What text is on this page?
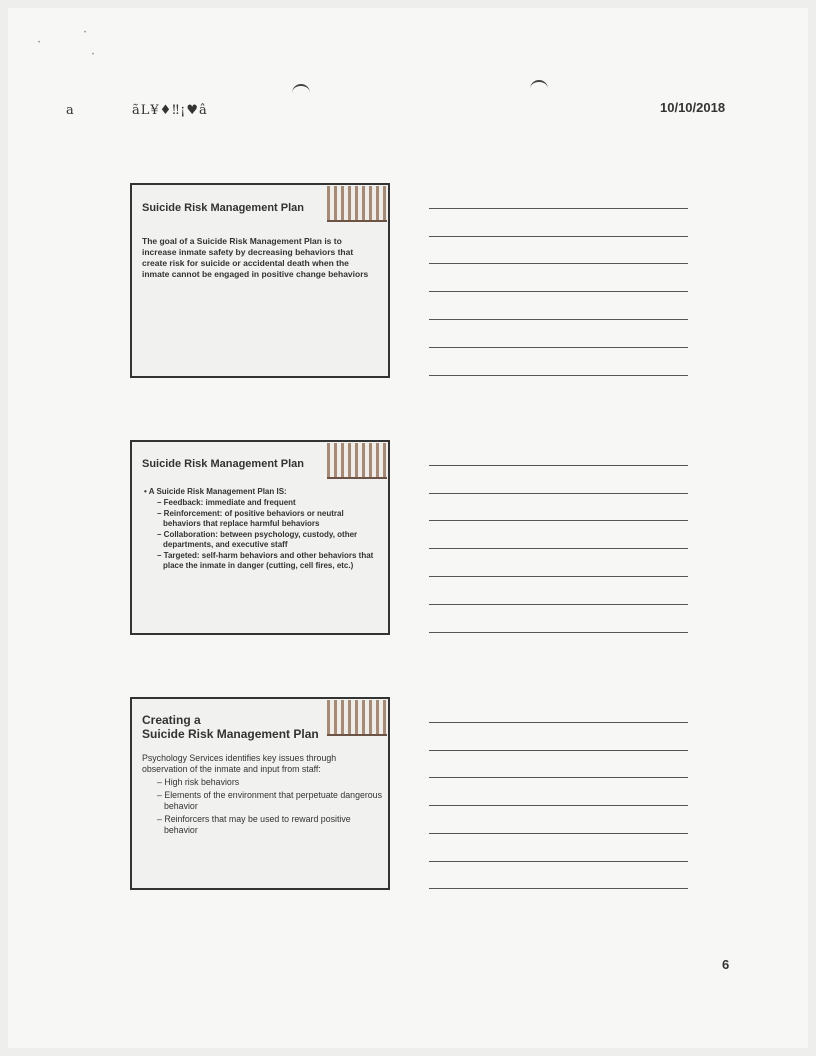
•
•
•
a	ãL¥♦‼¡♥â	10/10/2018
Suicide Risk Management Plan
The goal of a Suicide Risk Management Plan is to increase inmate safety by decreasing behaviors that create risk for suicide or accidental death when the inmate cannot be engaged in positive change behaviors
Suicide Risk Management Plan
• A Suicide Risk Management Plan IS:
– Feedback: immediate and frequent
– Reinforcement: of positive behaviors or neutral behaviors that replace harmful behaviors
– Collaboration: between psychology, custody, other departments, and executive staff
– Targeted: self-harm behaviors and other behaviors that place the inmate in danger (cutting, cell fires, etc.)
Creating a
Suicide Risk Management Plan
Psychology Services identifies key issues through observation of the inmate and input from staff:
– High risk behaviors
– Elements of the environment that perpetuate dangerous behavior
– Reinforcers that may be used to reward positive behavior
6
